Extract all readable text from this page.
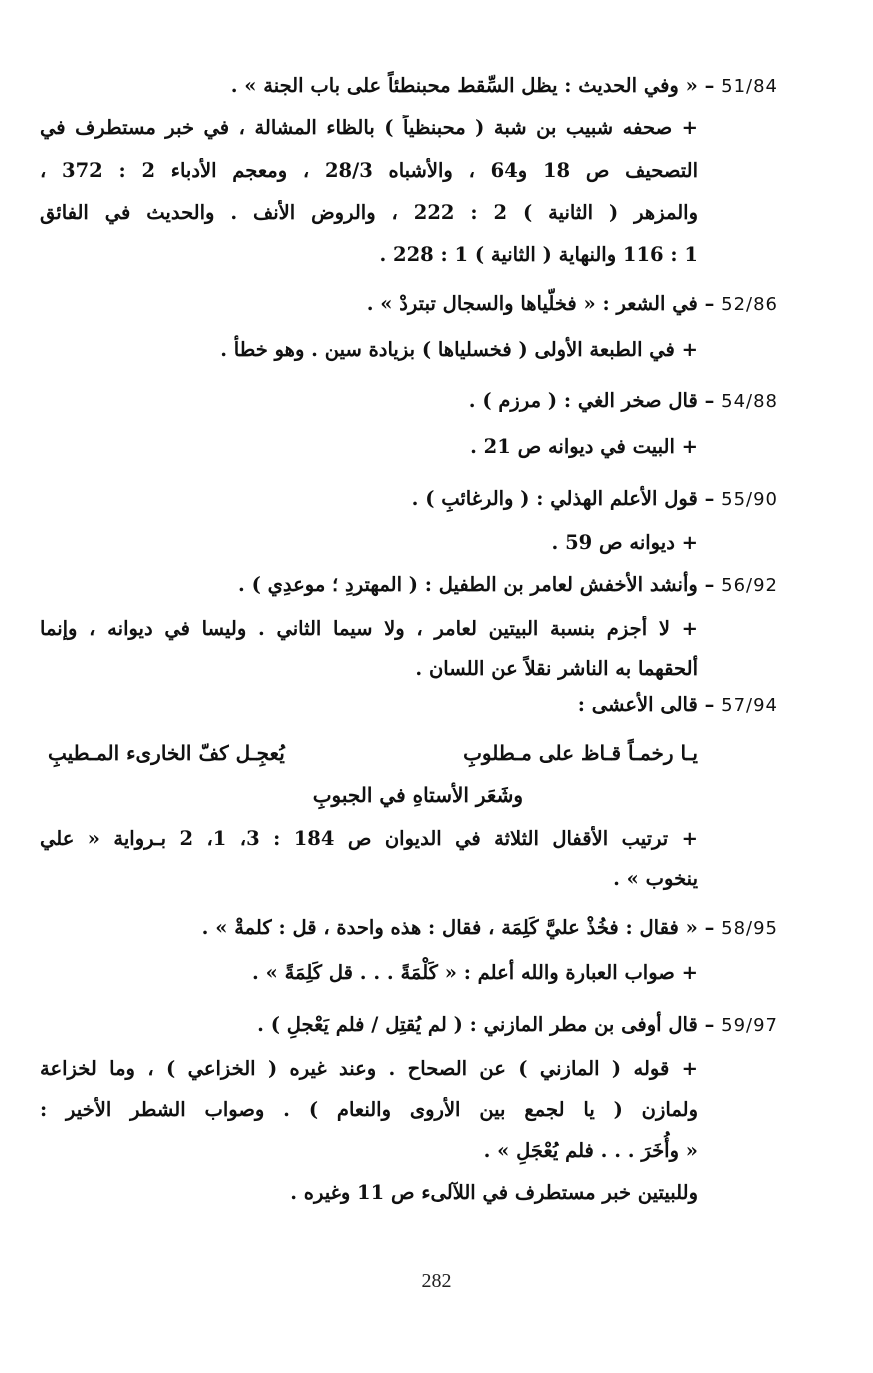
51/84 – « وفي الحديث : يظل السِّقط محبنطئاً على باب الجنة » .
+ صحفه شبيب بن شبة ( محبنظياً ) بالظاء المشالة ، في خبر مستطرف في
التصحيف ص 18 و64 ، والأشباه 28/3 ، ومعجم الأدباء 2 : 372 ،
والمزهر ( الثانية ) 2 : 222 ، والروض الأنف . والحديث في الفائق
1 : 116 والنهاية ( الثانية ) 1 : 228 .
52/86 – في الشعر : « فخلّياها والسجال تبتردْ » .
+ في الطبعة الأولى ( فخسلياها ) بزيادة سين . وهو خطأ .
54/88 – قال صخر الغي : ( مرزم ) .
+ البيت في ديوانه ص 21 .
55/90 – قول الأعلم الهذلي : ( والرغائبِ ) .
+ ديوانه ص 59 .
56/92 – وأنشد الأخفش لعامر بن الطفيل : ( المهتردِ ؛ موعدِي ) .
+ لا أجزم بنسبة البيتين لعامر ، ولا سيما الثاني . وليسا في ديوانه ، وإنما
ألحقهما به الناشر نقلاً عن اللسان .
57/94 – قالى الأعشى :
يـا رخمـاً قـاظ على مـطلوبِ
يُعجِـل كفّ الخارىء المـطيبِ
وشَعَر الأستاهِ في الجبوبِ
+ ترتيب الأقفال الثلاثة في الديوان ص 184 : 3، 1، 2 بـرواية « علي
ينخوب » .
58/95 – « فقال : فخُذْ عليَّ كَلِمَة ، فقال : هذه واحدة ، قل : كلمةْ » .
+ صواب العبارة والله أعلم : « كَلْمَةً . . . قل كَلِمَةً » .
59/97 – قال أوفى بن مطر المازني : ( لم يُقتِل / فلم يَعْجلِ ) .
+ قوله ( المازني ) عن الصحاح . وعند غيره ( الخزاعي ) ، وما لخزاعة
ولمازن ( يا لجمع بين الأروى والنعام ) . وصواب الشطر الأخير :
« وأُخَرَ . . . فلم يُعْجَلِ » .
وللبيتين خبر مستطرف في اللآلىء ص 11 وغيره .
282
